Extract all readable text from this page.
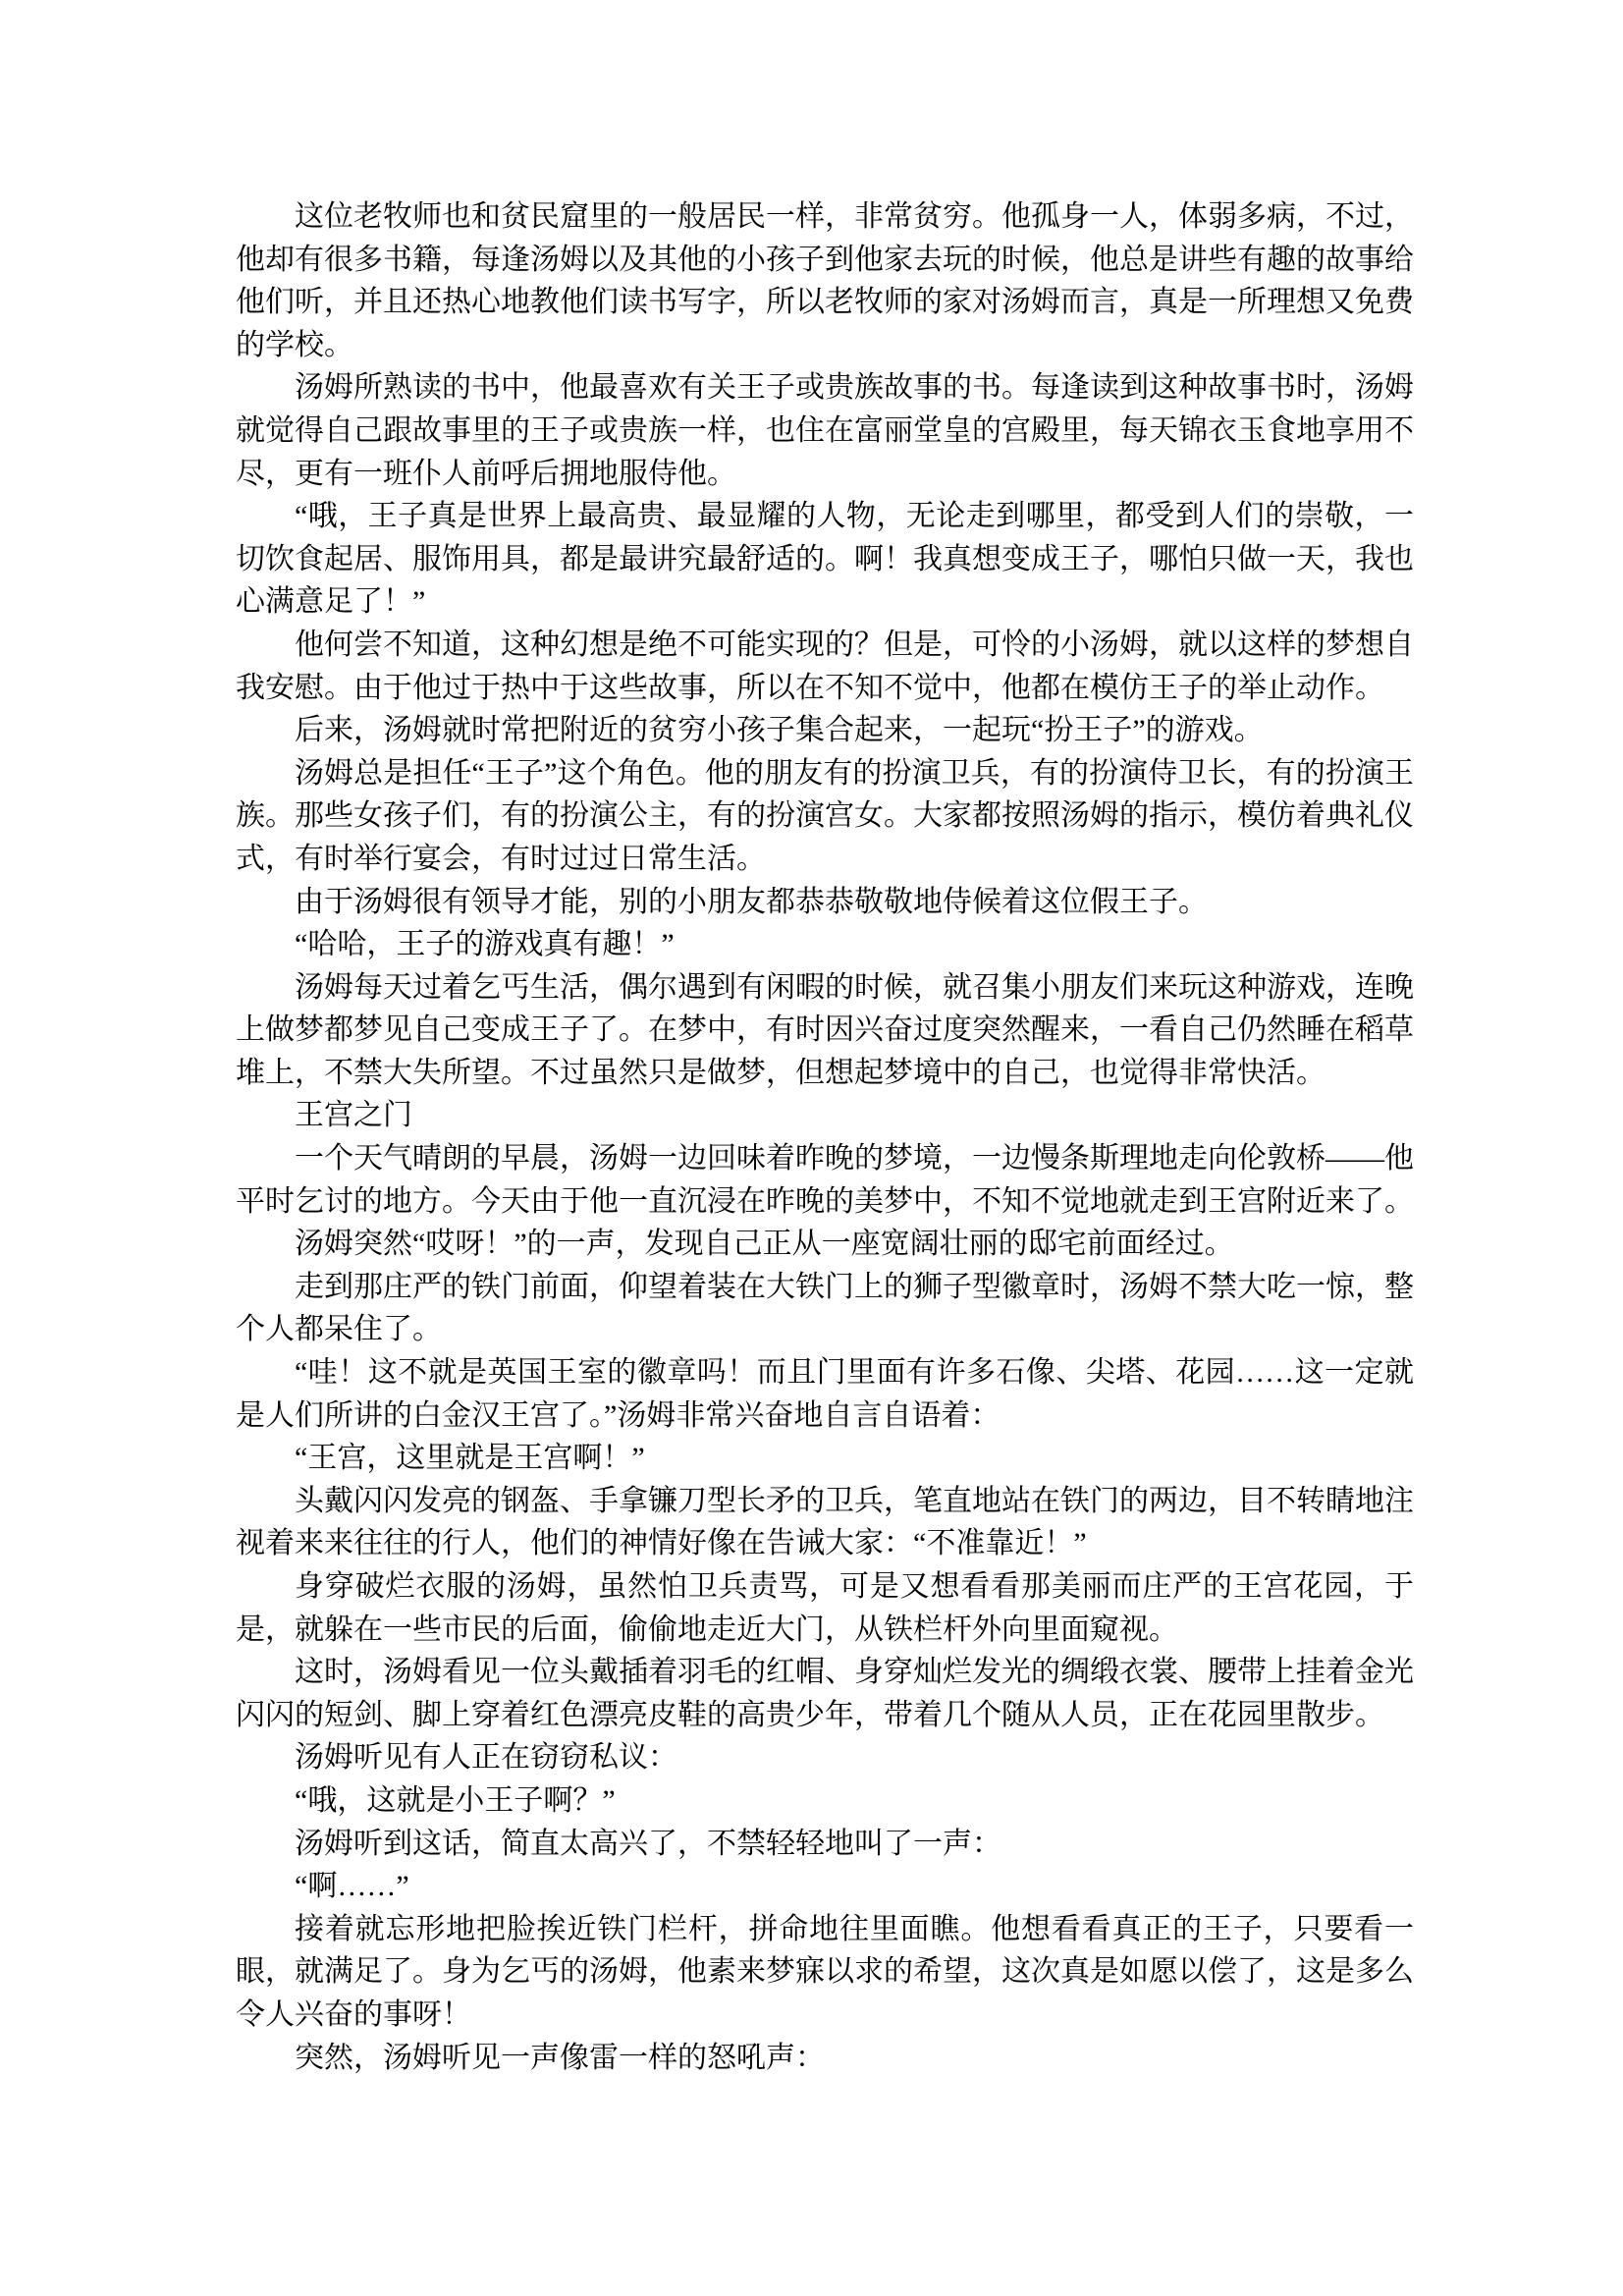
这位老牧师也和贫民窟里的一般居民一样，非常贫穷。他孤身一人，体弱多病，不过，他却有很多书籍，每逢汤姆以及其他的小孩子到他家去玩的时候，他总是讲些有趣的故事给他们听，并且还热心地教他们读书写字，所以老牧师的家对汤姆而言，真是一所理想又免费的学校。

汤姆所熟读的书中，他最喜欢有关王子或贵族故事的书。每逢读到这种故事书时，汤姆就觉得自己跟故事里的王子或贵族一样，也住在富丽堂皇的宫殿里，每天锦衣玉食地享用不尽，更有一班仆人前呼后拥地服侍他。

“哦，王子真是世界上最高贵、最显耀的人物，无论走到哪里，都受到人们的崇敬，一切饮食起居、服饰用具，都是最讲究最舒适的。啊！我真想变成王子，哪怕只做一天，我也心满意足了！”

他何尝不知道，这种幻想是绝不可能实现的？但是，可怜的小汤姆，就以这样的梦想自我安慰。由于他过于热中于这些故事，所以在不知不觉中，他都在模仿王子的举止动作。

后来，汤姆就时常把附近的贫穷小孩子集合起来，一起玩“扮王子”的游戏。

汤姆总是担任“王子”这个角色。他的朋友有的扮演卫兵，有的扮演侍卫长，有的扮演王族。那些女孩子们，有的扮演公主，有的扮演宫女。大家都按照汤姆的指示，模仿着典礼仪式，有时举行宴会，有时过过日常生活。

由于汤姆很有领导才能，别的小朋友都恭恭敬敬地侍候着这位假王子。

“哈哈，王子的游戏真有趣！”

汤姆每天过着乞丐生活，偶尔遇到有闲暇的时候，就召集小朋友们来玩这种游戏，连晚上做梦都梦见自己变成王子了。在梦中，有时因兴奋过度突然醒来，一看自己仍然睡在稻草堆上，不禁大失所望。不过虽然只是做梦，但想起梦境中的自己，也觉得非常快活。

王宫之门

一个天气晴朗的早晨，汤姆一边回味着昨晚的梦境，一边慢条斯理地走向伦敦桥——他平时乞讨的地方。今天由于他一直沉浸在昨晚的美梦中，不知不觉地就走到王宫附近来了。

汤姆突然“哎呀！”的一声，发现自己正从一座宽阔壮丽的邸宅前面经过。

走到那庄严的铁门前面，仰望着装在大铁门上的狮子型徽章时，汤姆不禁大吃一惊，整个人都呆住了。

“哇！这不就是英国王室的徽章吗！而且门里面有许多石像、尖塔、花园……这一定就是人们所讲的白金汉王宫了。”汤姆非常兴奋地自言自语着：

“王宫，这里就是王宫啊！”

头戴闪闪发亮的钢盔、手拿镰刀型长矛的卫兵，笔直地站在铁门的两边，目不转睛地注视着来来往往的行人，他们的神情好像在告诫大家：“不准靠近！”

身穿破烂衣服的汤姆，虽然怕卫兵责骂，可是又想看看那美丽而庄严的王宫花园，于是，就躲在一些市民的后面，偷偷地走近大门，从铁栏杆外向里面窥视。

这时，汤姆看见一位头戴插着羽毛的红帽、身穿灿烂发光的绸缎衣裳、腰带上挂着金光闪闪的短剑、脚上穿着红色漂亮皮鞋的高贵少年，带着几个随从人员，正在花园里散步。

汤姆听见有人正在窃窃私议：

“哦，这就是小王子啊？”

汤姆听到这话，简直太高兴了，不禁轻轻地叫了一声：

“啊……”

接着就忘形地把脸挨近铁门栏杆，拼命地往里面瞧。他想看看真正的王子，只要看一眼，就满足了。身为乞丐的汤姆，他素来梦寐以求的希望，这次真是如愿以偿了，这是多么令人兴奋的事呀！

突然，汤姆听见一声像雷一样的怒吼声：
